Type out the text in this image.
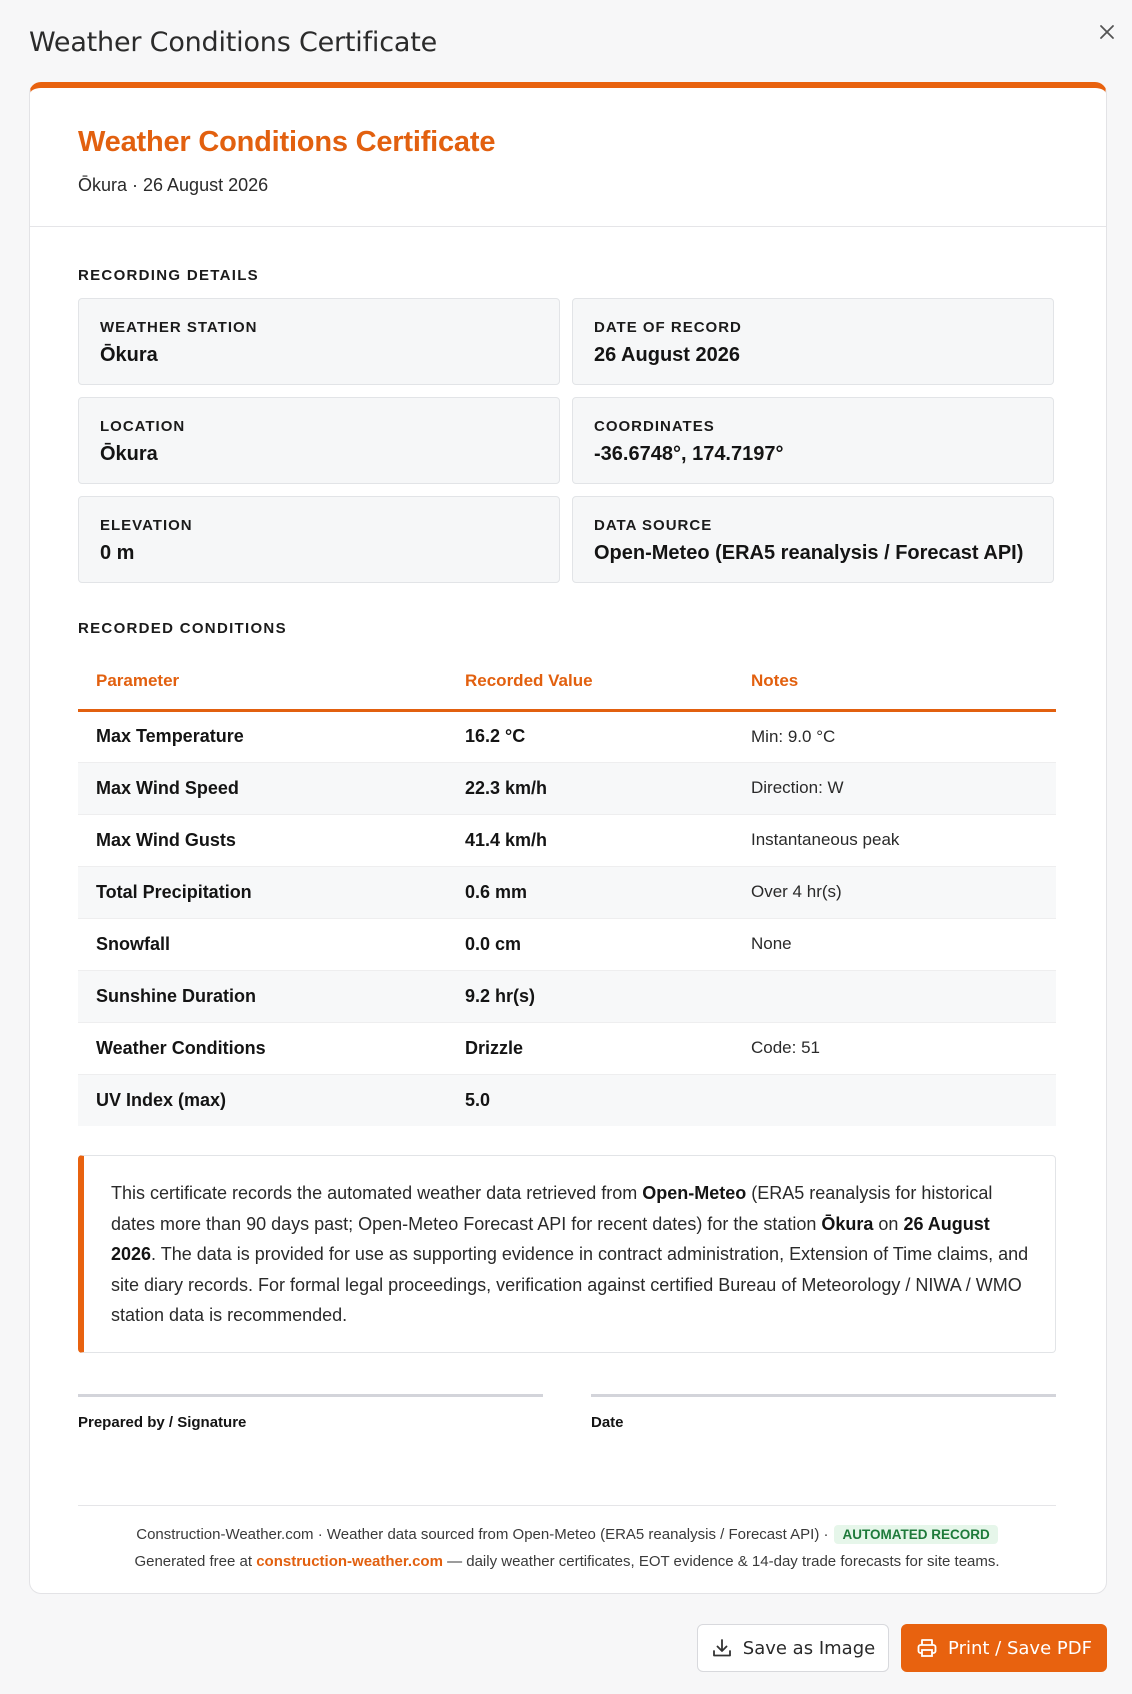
Weather Conditions Certificate
Weather Conditions Certificate
Ōkura · 26 August 2026
RECORDING DETAILS
WEATHER STATION
Ōkura
DATE OF RECORD
26 August 2026
LOCATION
Ōkura
COORDINATES
-36.6748°, 174.7197°
ELEVATION
0 m
DATA SOURCE
Open-Meteo (ERA5 reanalysis / Forecast API)
RECORDED CONDITIONS
Parameter	Recorded Value	Notes
Max Temperature	16.2 °C	Min: 9.0 °C
Max Wind Speed	22.3 km/h	Direction: W
Max Wind Gusts	41.4 km/h	Instantaneous peak
Total Precipitation	0.6 mm	Over 4 hr(s)
Snowfall	0.0 cm	None
Sunshine Duration	9.2 hr(s)	
Weather Conditions	Drizzle	Code: 51
UV Index (max)	5.0	
This certificate records the automated weather data retrieved from Open-Meteo (ERA5 reanalysis for historical dates more than 90 days past; Open-Meteo Forecast API for recent dates) for the station Ōkura on 26 August 2026. The data is provided for use as supporting evidence in contract administration, Extension of Time claims, and site diary records. For formal legal proceedings, verification against certified Bureau of Meteorology / NIWA / WMO station data is recommended.
Prepared by / Signature	Date
Construction-Weather.com · Weather data sourced from Open-Meteo (ERA5 reanalysis / Forecast API) · AUTOMATED RECORD
Generated free at construction-weather.com — daily weather certificates, EOT evidence & 14-day trade forecasts for site teams.
Save as Image	Print / Save PDF
